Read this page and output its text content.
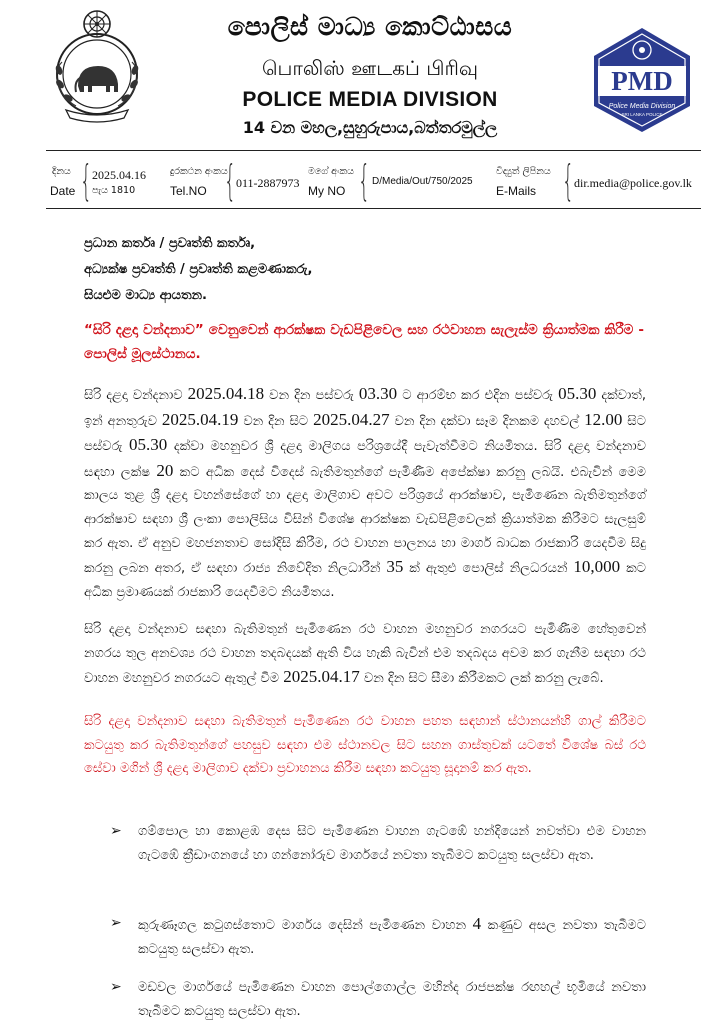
පොලිස් මාධ්‍ය කොට්ඨාසය
பொலிஸ் ஊடகப் பிரிவு
POLICE MEDIA DIVISION
14 වන මහල,සුහුරුපාය,බත්තරමුල්ල
PMD
Police Media Division
SRI LANKA POLICE
දිනය
Date { 2025.04.16
පැය 1810
දුරකථන අංකය
Tel.NO { 011-2887973
මගේ අංකය
My NO { D/Media/Out/750/2025
විද්‍යුත් ලිපිනය
E-Mails { dir.media@police.gov.lk
ප්‍රධාන කර්තෘ / ප්‍රවෘත්ති කර්තෘ,
අධ්‍යක්ෂ ප්‍රවෘත්ති / ප්‍රවෘත්ති කළමණාකරු,
සියළුම මාධ්‍ය ආයතන.
“සිරි දළදා වන්දනාව” වෙනුවෙන් ආරක්ෂක වැඩපිළිවෙල සහ රථවාහන සැලැස්ම ක්‍රියාත්මක කිරීම - පොලිස් මූලස්ථානය.
සිරි දළදා වන්දනාව 2025.04.18 වන දින පස්වරු 03.30 ට ආරම්භ කර එදින පස්වරු 05.30 දක්වාත්, ඉන් අනතුරුව 2025.04.19 වන දින සිට 2025.04.27 වන දින දක්වා සෑම දිනකම දහවල් 12.00 සිට පස්වරු 05.30 දක්වා මහනුවර ශ්‍රී දළදා මාලිගය පරිශ්‍රයේදී පැවැත්වීමට නියමිතය. සිරි දළදා වන්දනාව සඳහා ලක්ෂ 20 කට අධික දෙස් විදෙස් බැතිමතුන්ගේ පැමිණීම අපේක්ෂා කරනු ලබයි. එබැවින් මෙම කාලය තුළ ශ්‍රී දළදා වහන්සේගේ හා දළදා මාලිගාව අවට පරිශ්‍රයේ ආරක්ෂාව, පැමිණෙන බැතිමතුන්ගේ ආරක්ෂාව සඳහා ශ්‍රී ලංකා පොලිසිය විසින් විශේෂ ආරක්ෂක වැඩපිළිවෙලක් ක්‍රියාත්මක කිරීමට සැලසුම් කර ඇත. ඒ අනුව මහජනතාව සෝදිසි කිරීම, රථ වාහන පාලනය හා මාර්ග බාධක රාජකාරි යෙදවීම සිදු කරනු ලබන අතර, ඒ සඳහා රාජ්‍ය නිවේදිත නිලධාරීන් 35 ක් ඇතුළු පොලිස් නිලධරයන් 10,000 කට අධික ප්‍රමාණයක් රාජකාරි යෙදවීමට නියමිතය.
සිරි දළදා වන්දනාව සඳහා බැතිමතුන් පැමිණෙන රථ වාහන මහනුවර නගරයට පැමිණීම හේතුවෙන් නගරය තුල අනවශ්‍ය රථ වාහන තදබදයක් ඇති විය හැකි බැවින් එම තදබදය අවම කර ගැනීම සඳහා රථ වාහන මහනුවර නගරයට ඇතුල් වීම 2025.04.17 වන දින සිට සීමා කිරීමකට ලක් කරනු ලැබේ.
සිරි දළදා වන්දනාව සඳහා බැතිමතුන් පැමිණෙන රථ වාහන පහත සඳහාන් ස්ථානයන්හි ගාල් කිරීමට කටයුතු කර බැතිමතුන්ගේ පහසුව සඳහා එම ස්ථානවල සිට සහන ගාස්තුවක් යටතේ විශේෂ බස් රථ සේවා මගින් ශ්‍රී දළදා මාලිගාව දක්වා ප්‍රවාහනය කිරීම සඳහා කටයුතු සූදානම් කර ඇත.
➢ ගම්පොල හා කොළඹ දෙස සිට පැමිණෙන වාහන ගැටඹේ හන්දියෙන් නවත්වා එම වාහන ගැටඹේ ක්‍රීඩාංගනයේ හා ගන්නෝරුව මාර්ගයේ නවතා තැබීමට කටයුතු සලස්වා ඇත.
➢ කුරුණෑගල කටුගස්තොට මාර්ගය දෙසින් පැමිණෙන වාහන 4 කණුව අසල නවතා තැබීමට කටයුතු සලස්වා ඇත.
➢ මඩවල මාර්ගයේ පැමිණෙන වාහන පොල්ගොල්ල මහින්ද රාජපක්ෂ රඟහල් භූමියේ නවතා තැබීමට කටයුතු සලස්වා ඇත.
